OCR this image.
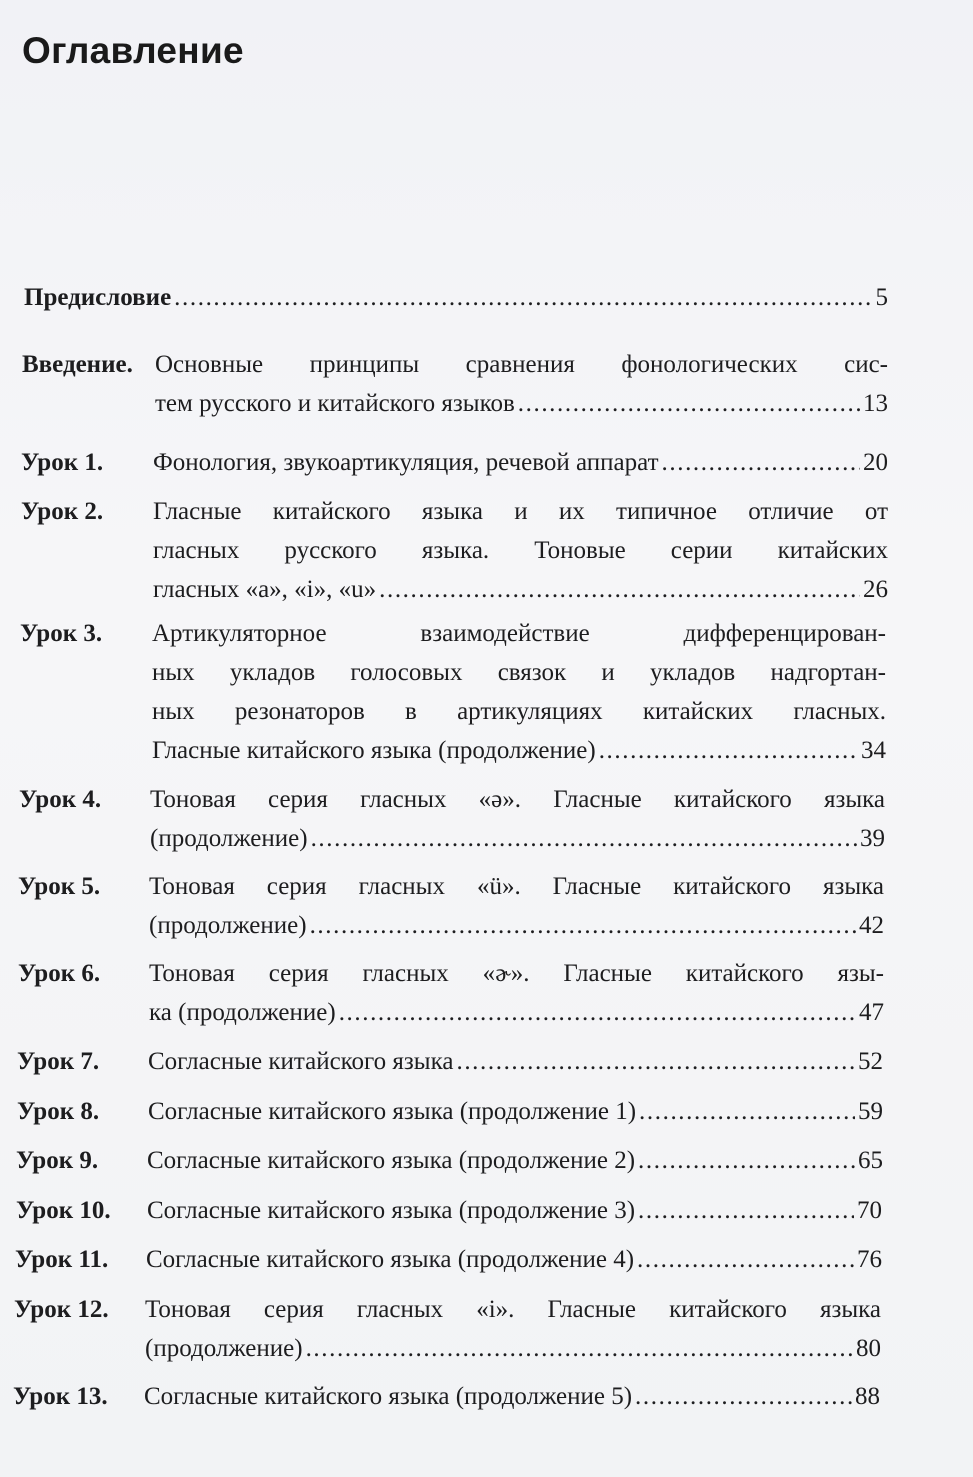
Оглавление
Предисловие .....	5
Введение. Основные принципы сравнения фонологических сис-
тем русского и китайского языков .....	13
Урок 1. Фонология, звукоартикуляция, речевой аппарат .....	20
Урок 2. Гласные китайского языка и их типичное отличие от
гласных русского языка. Тоновые серии китайских
гласных «a», «i», «u» .....	26
Урок 3. Артикуляторное взаимодействие дифференцирован-
ных укладов голосовых связок и укладов надгортан-
ных резонаторов в артикуляциях китайских гласных.
Гласные китайского языка (продолжение) .....	34
Урок 4. Тоновая серия гласных «ə». Гласные китайского языка
(продолжение) .....	39
Урок 5. Тоновая серия гласных «ü». Гласные китайского языка
(продолжение) .....	42
Урок 6. Тоновая серия гласных «ɚ». Гласные китайского язы-
ка (продолжение) .....	47
Урок 7. Согласные китайского языка .....	52
Урок 8. Согласные китайского языка (продолжение 1) .....	59
Урок 9. Согласные китайского языка (продолжение 2) .....	65
Урок 10. Согласные китайского языка (продолжение 3) .....	70
Урок 11. Согласные китайского языка (продолжение 4) .....	76
Урок 12. Тоновая серия гласных «i». Гласные китайского языка
(продолжение) .....	80
Урок 13. Согласные китайского языка (продолжение 5) .....	88
